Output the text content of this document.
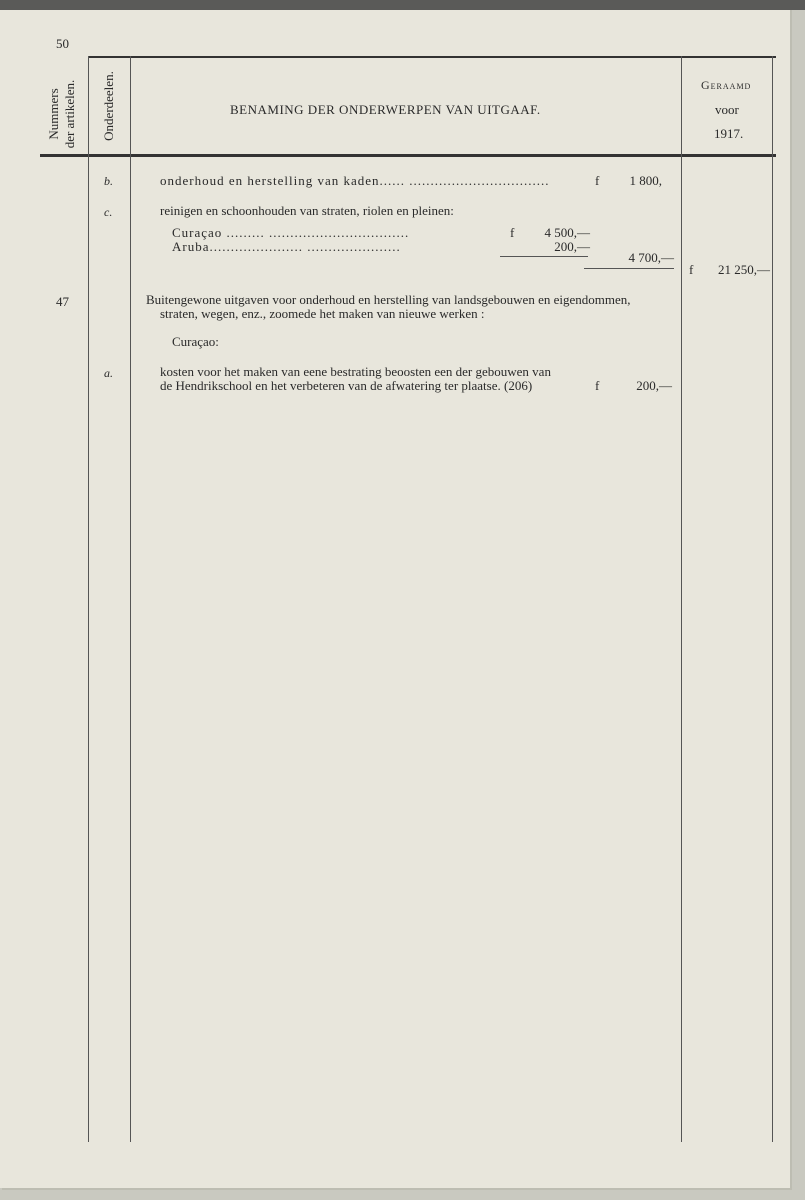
50
Nummers der artikelen. Onderdeelen.	BENAMING DER ONDERWERPEN VAN UITGAAF.
Geraamd
voor
1917.
b.	onderhoud en herstelling van kaden...... .................................	f	1 800,
c.	reinigen en schoonhouden van straten, riolen en pleinen:
Curaçao ......... .................................	f	4 500,—
Aruba...................... ......................	200,—
4 700,—
f	21 250,—
47	Buitengewone uitgaven voor onderhoud en herstelling van landsgebouwen en eigendommen,
straten, wegen, enz., zoomede het maken van nieuwe werken :
Curaçao:
a.	kosten voor het maken van eene bestrating beoosten een der gebouwen van
de Hendrikschool en het verbeteren van de afwatering ter plaatse. (206)	f	200,—
